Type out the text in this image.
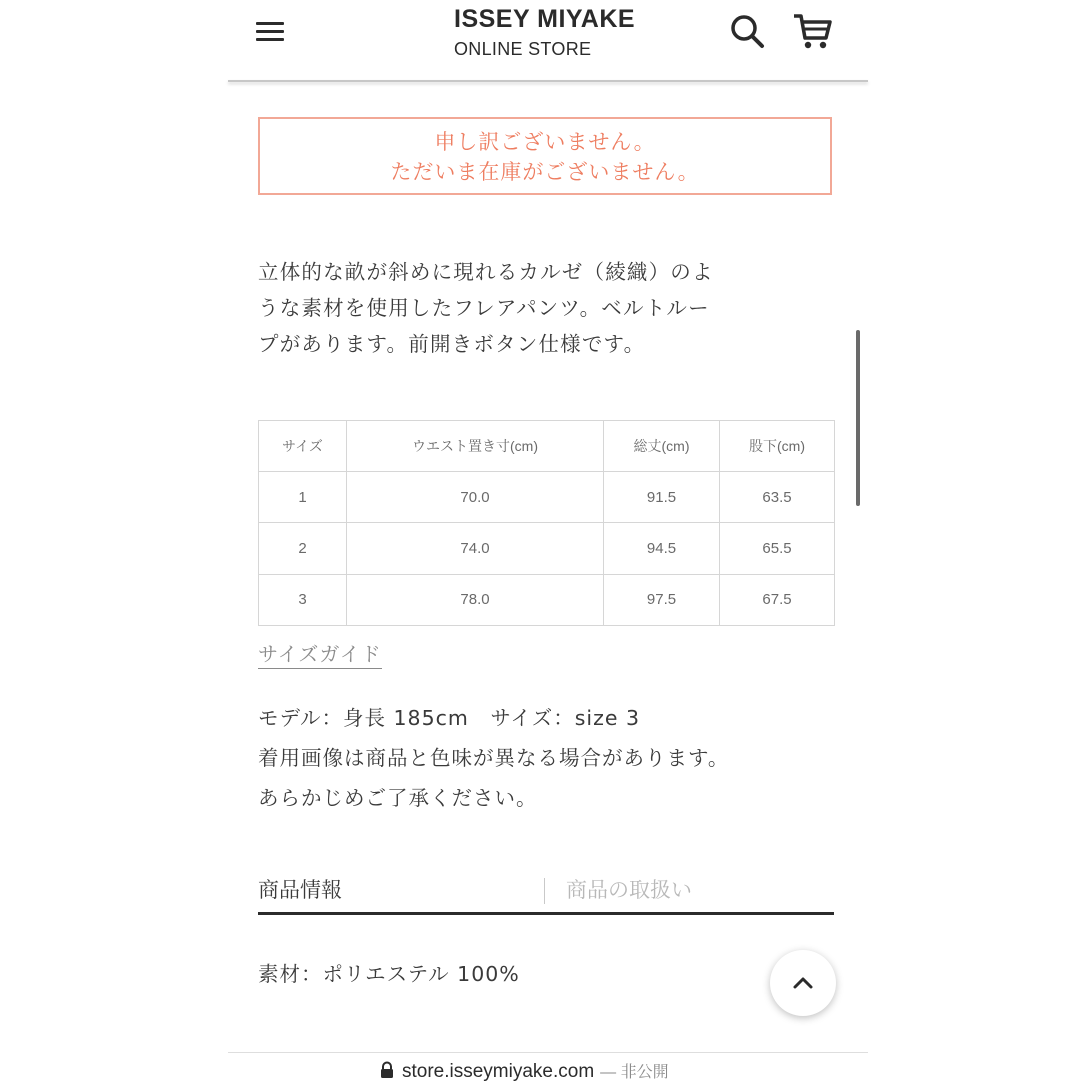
ISSEY MIYAKE
ONLINE STORE
申し訳ございません。
ただいま在庫がございません。
立体的な畝が斜めに現れるカルゼ（綾織）のよ
うな素材を使用したフレアパンツ。ベルトルー
プがあります。前開きボタン仕様です。
サイズ	ウエスト置き寸(cm)	総丈(cm)	股下(cm)
1	70.0	91.5	63.5
2	74.0	94.5	65.5
3	78.0	97.5	67.5
サイズガイド
モデル：身長 185cm　サイズ：size 3
着用画像は商品と色味が異なる場合があります。
あらかじめご了承ください。
商品情報	商品の取扱い
素材：ポリエステル 100%
store.isseymiyake.com — 非公開
